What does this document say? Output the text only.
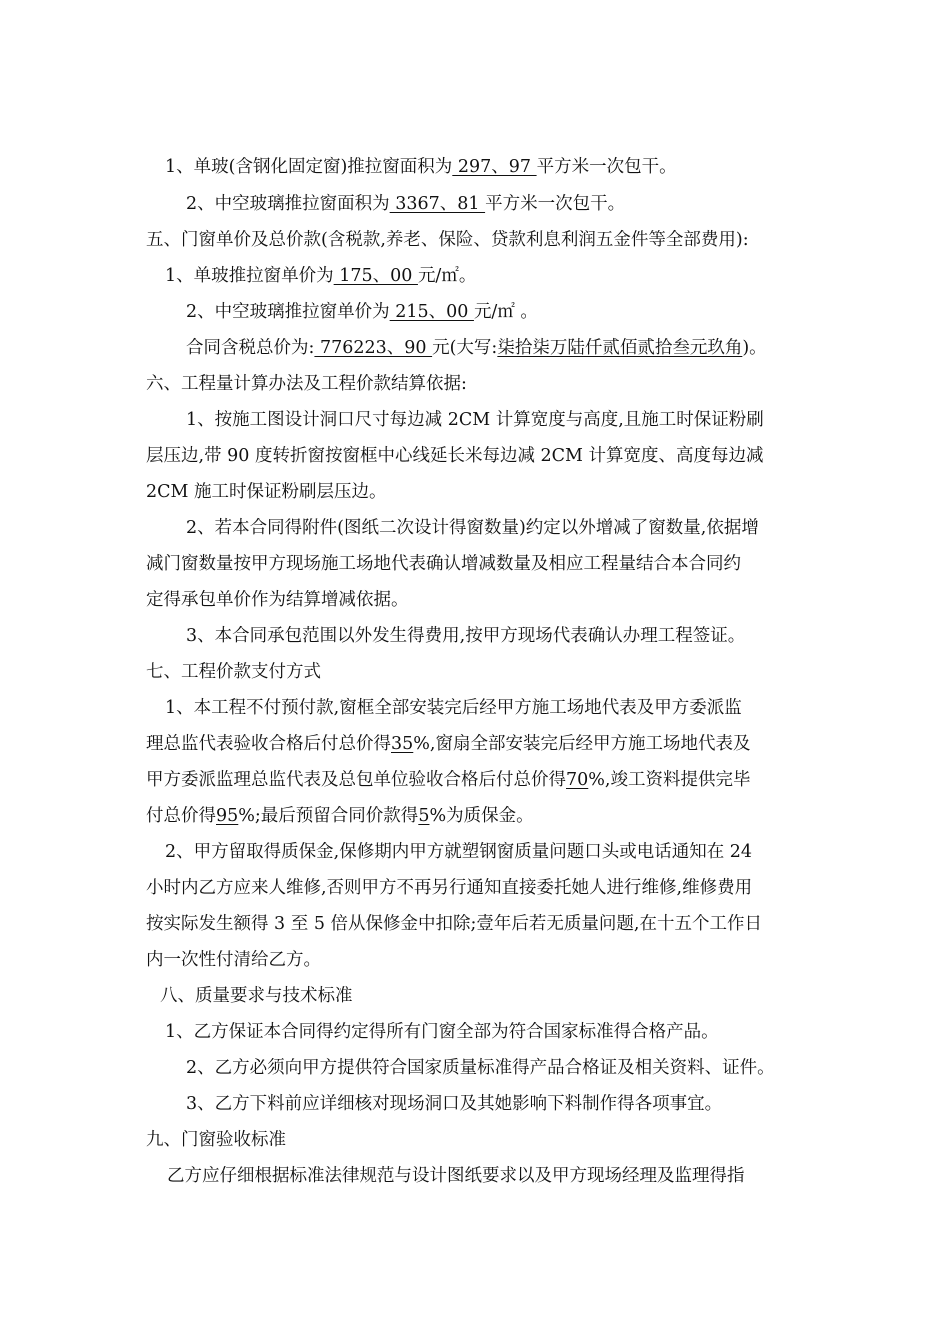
1、单玻(含钢化固定窗)推拉窗面积为 297、97 平方米一次包干。
2、中空玻璃推拉窗面积为 3367、81 平方米一次包干。
五、门窗单价及总价款(含税款,养老、保险、贷款利息利润五金件等全部费用):
1、单玻推拉窗单价为 175、00 元/㎡。
2、中空玻璃推拉窗单价为 215、00 元/㎡ 。
合同含税总价为: 776223、90 元(大写:柒拾柒万陆仟贰佰贰拾叁元玖角)。
六、工程量计算办法及工程价款结算依据:
1、按施工图设计洞口尺寸每边减 2CM 计算宽度与高度,且施工时保证粉刷
层压边,带 90 度转折窗按窗框中心线延长米每边减 2CM 计算宽度、高度每边减
2CM 施工时保证粉刷层压边。
2、若本合同得附件(图纸二次设计得窗数量)约定以外增减了窗数量,依据增
减门窗数量按甲方现场施工场地代表确认增减数量及相应工程量结合本合同约
定得承包单价作为结算增减依据。
3、本合同承包范围以外发生得费用,按甲方现场代表确认办理工程签证。
七、工程价款支付方式
1、本工程不付预付款,窗框全部安装完后经甲方施工场地代表及甲方委派监
理总监代表验收合格后付总价得35%,窗扇全部安装完后经甲方施工场地代表及
甲方委派监理总监代表及总包单位验收合格后付总价得70%,竣工资料提供完毕
付总价得95%;最后预留合同价款得5%为质保金。
2、甲方留取得质保金,保修期内甲方就塑钢窗质量问题口头或电话通知在 24
小时内乙方应来人维修,否则甲方不再另行通知直接委托她人进行维修,维修费用
按实际发生额得 3 至 5 倍从保修金中扣除;壹年后若无质量问题,在十五个工作日
内一次性付清给乙方。
八、质量要求与技术标准
1、乙方保证本合同得约定得所有门窗全部为符合国家标准得合格产品。
2、乙方必须向甲方提供符合国家质量标准得产品合格证及相关资料、证件。
3、乙方下料前应详细核对现场洞口及其她影响下料制作得各项事宜。
九、门窗验收标准
乙方应仔细根据标准法律规范与设计图纸要求以及甲方现场经理及监理得指
